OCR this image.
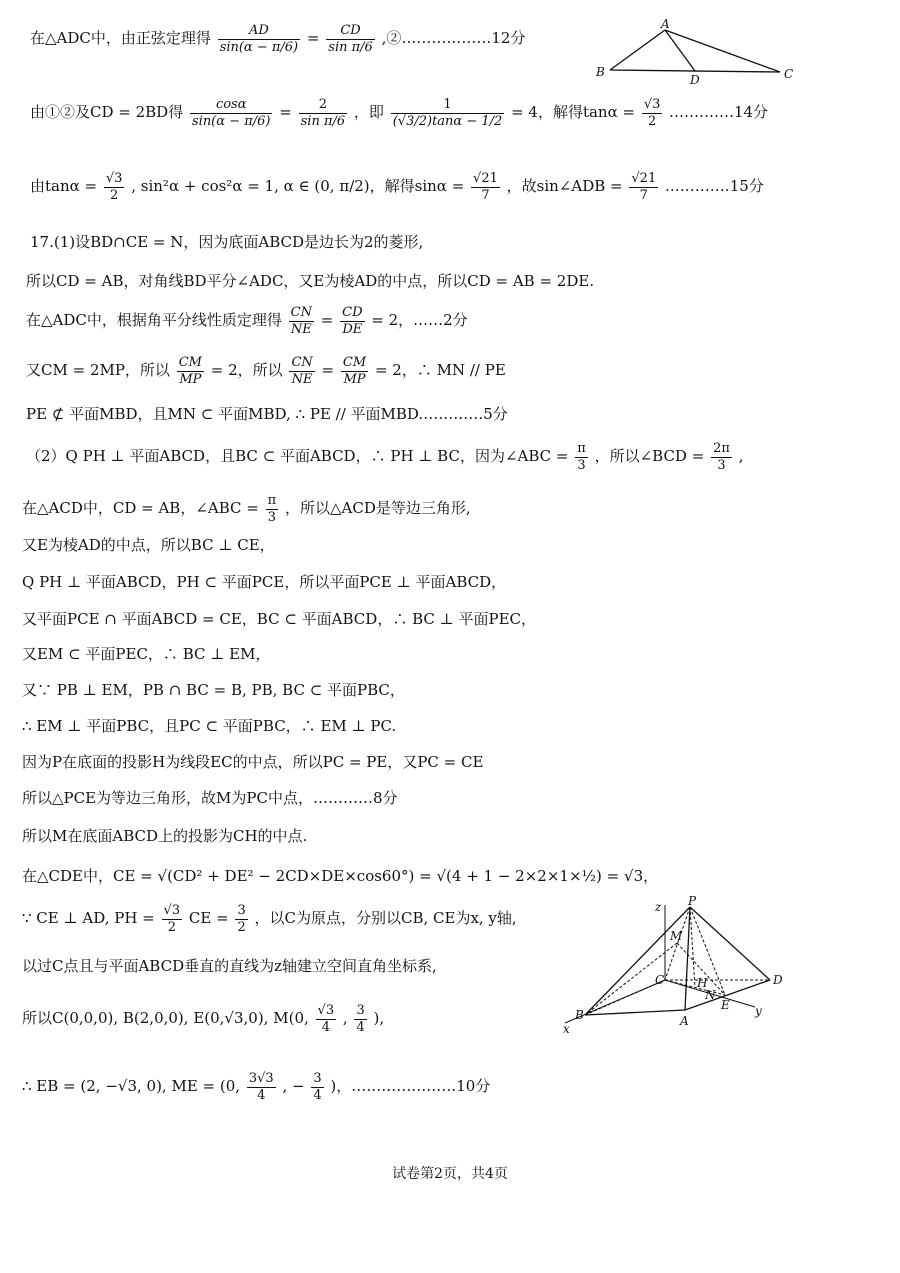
在△ADC中，由正弦定理得 $\frac{AD}{\sin(\alpha - \pi/6)} = \frac{CD}{\text{sin π/6}}$ ,②………………12分
A
B	C
D
由①②及CD = 2BD得 $\frac{\cos\alpha}{\sin(\alpha - \pi/6)} = \frac{2}{\text{sin π/6}}$ ，即 $\frac{1}{(√3/2)\tan\alpha - 1/2} = 4$，解得$\tan\alpha = \frac{√3}{2}$ .…………14分
由$\tan\alpha = \frac{√3}{2}$ , sin²α + cos²α = 1, α ∈ (0, π/2)，解得$\sin\alpha = \frac{√21}{7}$ ，故sin∠ADB = $\frac{√21}{7}$ .…………15分
17.(1)设BD∩CE = N，因为底面ABCD是边长为2的菱形,
所以CD = AB，对角线BD平分∠ADC，又E为棱AD的中点，所以CD = AB = 2DE.
在△ADC中，根据角平分线性质定理得 $\frac{CN}{NE} = \frac{CD}{DE} = 2$，……2分
又CM = 2MP，所以 $\frac{CM}{MP} = 2$，所以 $\frac{CN}{NE} = \frac{CM}{MP} = 2$，∴ MN // PE
PE ⊄ 平面MBD，且MN ⊂ 平面MBD, ∴ PE // 平面MBD.…………5分
（2）Q PH ⊥ 平面ABCD，且BC ⊂ 平面ABCD，∴ PH ⊥ BC，因为∠ABC = $\frac{\pi}{3}$ ，所以∠BCD = $\frac{2\pi}{3}$ ,
在△ACD中，CD = AB，∠ABC = $\frac{\pi}{3}$ ，所以△ACD是等边三角形,
又E为棱AD的中点，所以BC ⊥ CE，
Q PH ⊥ 平面ABCD，PH ⊂ 平面PCE，所以平面PCE ⊥ 平面ABCD，
又平面PCE ∩ 平面ABCD = CE，BC ⊂ 平面ABCD，∴ BC ⊥ 平面PEC，
又EM ⊂ 平面PEC，∴ BC ⊥ EM，
又∵ PB ⊥ EM，PB ∩ BC = B, PB, BC ⊂ 平面PBC，
∴ EM ⊥ 平面PBC，且PC ⊂ 平面PBC，∴ EM ⊥ PC.
因为P在底面的投影H为线段EC的中点，所以PC = PE，又PC = CE
所以△PCE为等边三角形，故M为PC中点，…………8分
所以M在底面ABCD上的投影为CH的中点.
在△CDE中，CE = √(CD² + DE² − 2CD×DE×cos60°) = √(4 + 1 − 2×2×1×½) = √3，
∵ CE ⊥ AD, PH = $\frac{√3}{2}$ CE = $\frac{3}{2}$ ，以C为原点，分别以CB, CE为x, y轴,
以过C点且与平面ABCD垂直的直线为z轴建立空间直角坐标系,
所以C(0,0,0), B(2,0,0), E(0,√3,0), M(0, $\frac{√3}{4}$ , $\frac{3}{4}$ ),
∴ EB = (2, −√3, 0), ME = (0, $\frac{3√3}{4}$ , − $\frac{3}{4}$ )，…………………10分
z P
M
C	H
N
B	A
E
D
x
y
试卷第2页，共4页
